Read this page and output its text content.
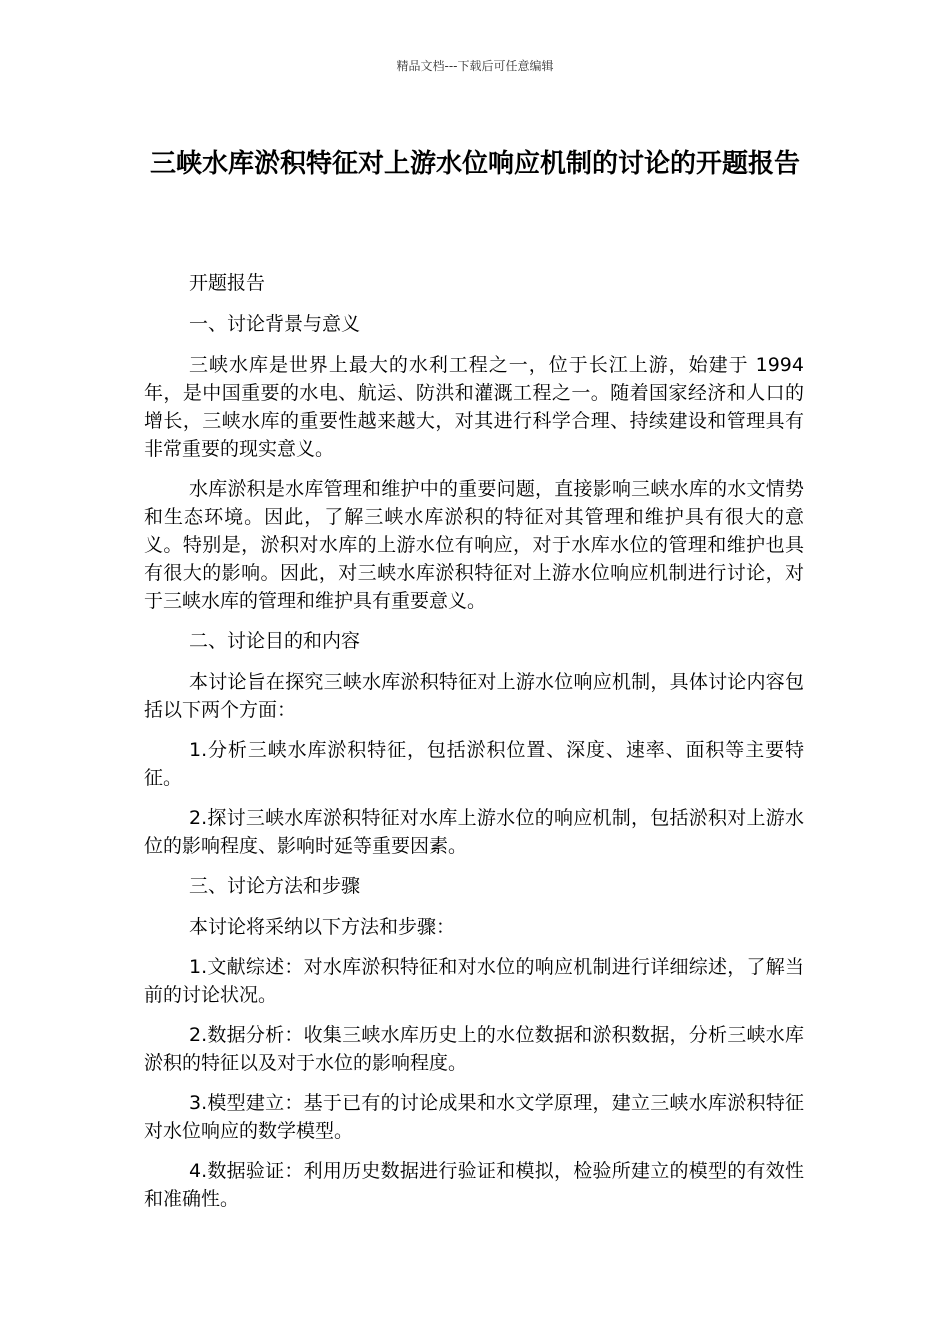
精品文档---下载后可任意编辑
三峡水库淤积特征对上游水位响应机制的讨论的开题报告

开题报告

一、讨论背景与意义

三峡水库是世界上最大的水利工程之一，位于长江上游，始建于 1994 年，是中国重要的水电、航运、防洪和灌溉工程之一。随着国家经济和人口的增长，三峡水库的重要性越来越大，对其进行科学合理、持续建设和管理具有非常重要的现实意义。

水库淤积是水库管理和维护中的重要问题，直接影响三峡水库的水文情势和生态环境。因此，了解三峡水库淤积的特征对其管理和维护具有很大的意义。特别是，淤积对水库的上游水位有响应，对于水库水位的管理和维护也具有很大的影响。因此，对三峡水库淤积特征对上游水位响应机制进行讨论，对于三峡水库的管理和维护具有重要意义。

二、讨论目的和内容

本讨论旨在探究三峡水库淤积特征对上游水位响应机制，具体讨论内容包括以下两个方面：

1.分析三峡水库淤积特征，包括淤积位置、深度、速率、面积等主要特征。

2.探讨三峡水库淤积特征对水库上游水位的响应机制，包括淤积对上游水位的影响程度、影响时延等重要因素。

三、讨论方法和步骤

本讨论将采纳以下方法和步骤：

1.文献综述：对水库淤积特征和对水位的响应机制进行详细综述，了解当前的讨论状况。

2.数据分析：收集三峡水库历史上的水位数据和淤积数据，分析三峡水库淤积的特征以及对于水位的影响程度。

3.模型建立：基于已有的讨论成果和水文学原理，建立三峡水库淤积特征对水位响应的数学模型。

4.数据验证：利用历史数据进行验证和模拟，检验所建立的模型的有效性和准确性。
